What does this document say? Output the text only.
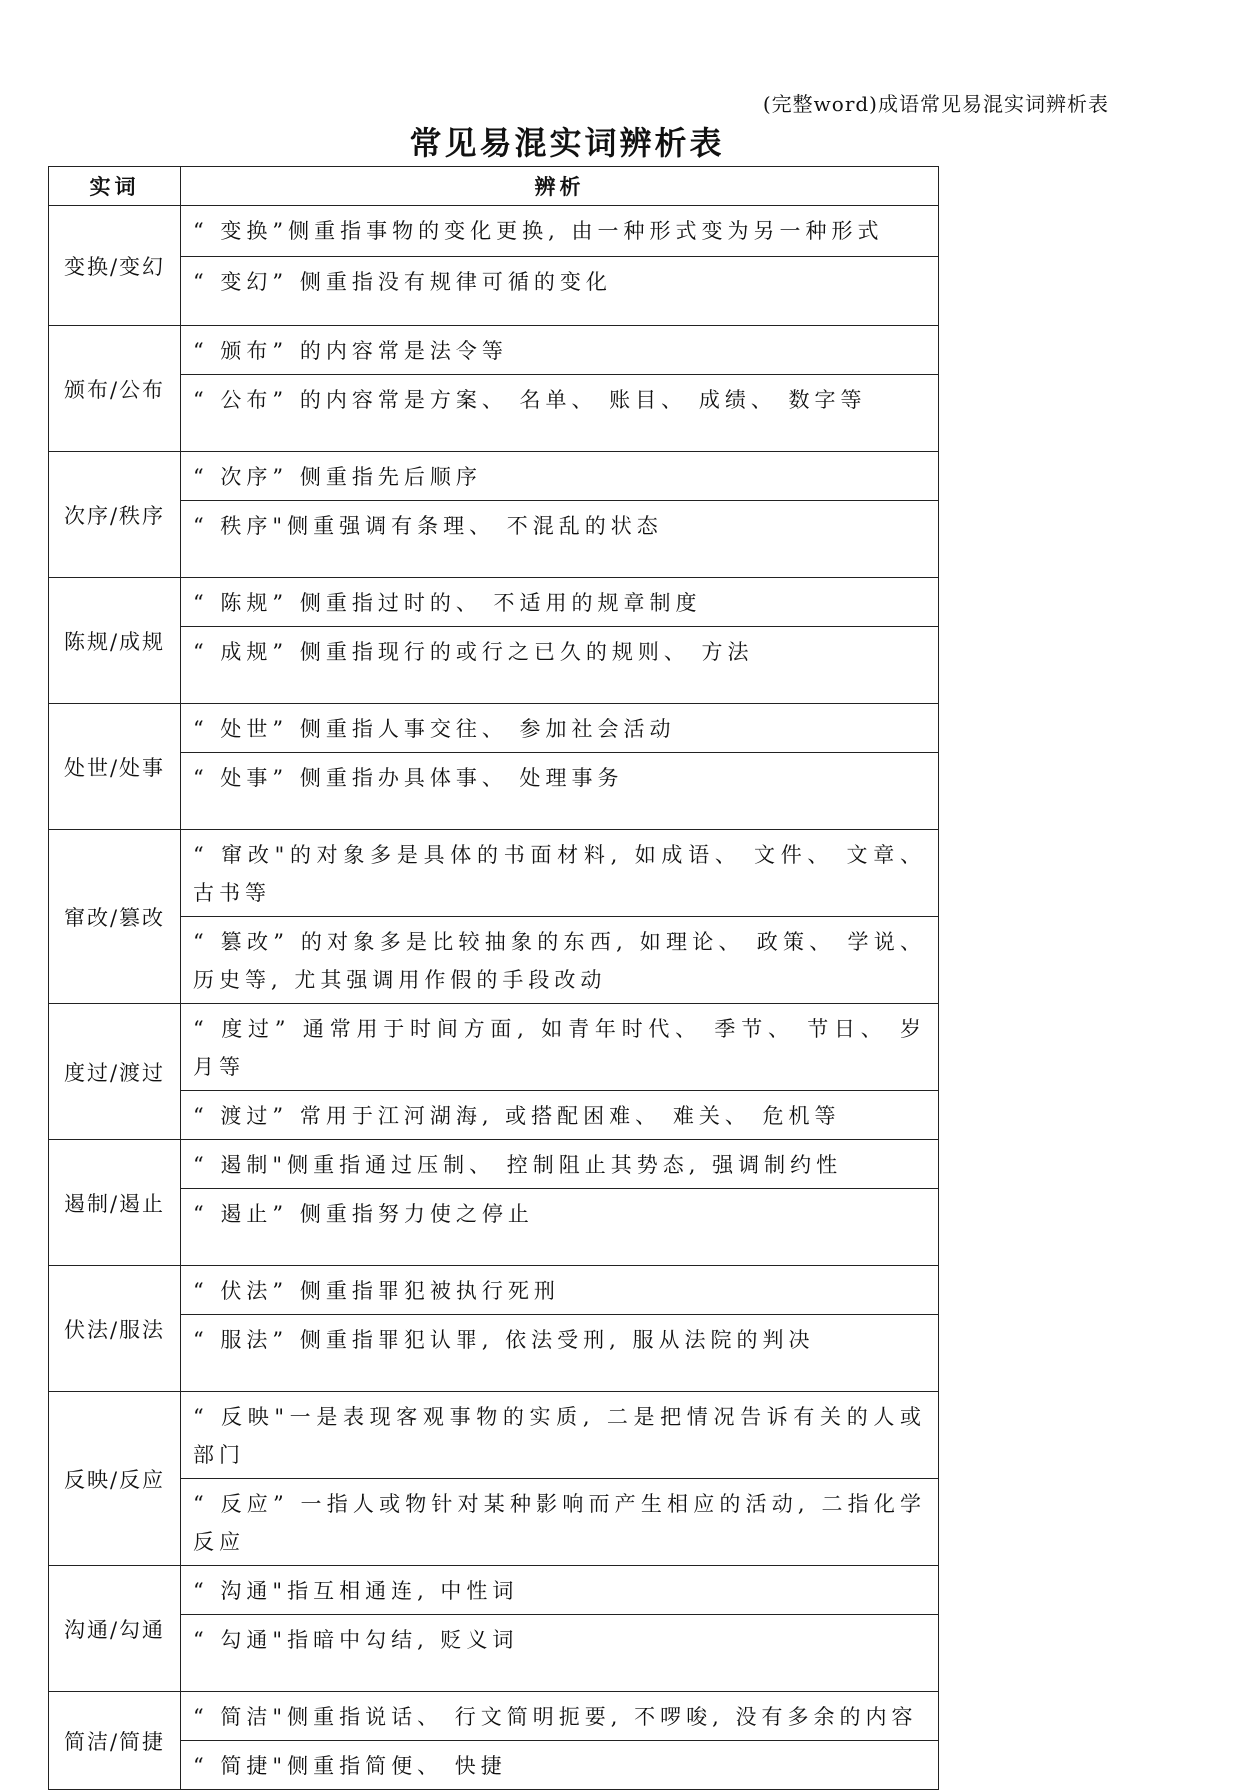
(完整word)成语常见易混实词辨析表
常见易混实词辨析表
实词	辨析
变换/变幻	“ 变换”侧重指事物的变化更换, 由一种形式变为另一种形式
	“ 变幻” 侧重指没有规律可循的变化
颁布/公布	“ 颁布” 的内容常是法令等
	“ 公布” 的内容常是方案、 名单、 账目、 成绩、 数字等
次序/秩序	“ 次序” 侧重指先后顺序
	“ 秩序"侧重强调有条理、 不混乱的状态
陈规/成规	“ 陈规” 侧重指过时的、 不适用的规章制度
	“ 成规” 侧重指现行的或行之已久的规则、 方法
处世/处事	“ 处世” 侧重指人事交往、 参加社会活动
	“ 处事” 侧重指办具体事、 处理事务
窜改/篡改	“ 窜改"的对象多是具体的书面材料, 如成语、 文件、 文章、 古书等
	“ 篡改” 的对象多是比较抽象的东西, 如理论、 政策、 学说、 历史等, 尤其强调用作假的手段改动
度过/渡过	“ 度过” 通常用于时间方面, 如青年时代、 季节、 节日、 岁月等
	“ 渡过” 常用于江河湖海, 或搭配困难、 难关、 危机等
遏制/遏止	“ 遏制"侧重指通过压制、 控制阻止其势态, 强调制约性
	“ 遏止” 侧重指努力使之停止
伏法/服法	“ 伏法” 侧重指罪犯被执行死刑
	“ 服法” 侧重指罪犯认罪, 依法受刑, 服从法院的判决
反映/反应	“ 反映"一是表现客观事物的实质, 二是把情况告诉有关的人或部门
	“ 反应” 一指人或物针对某种影响而产生相应的活动, 二指化学反应
沟通/勾通	“ 沟通"指互相通连, 中性词
	“ 勾通"指暗中勾结, 贬义词
简洁/简捷	“ 简洁"侧重指说话、 行文简明扼要, 不啰唆, 没有多余的内容
	“ 简捷"侧重指简便、 快捷
